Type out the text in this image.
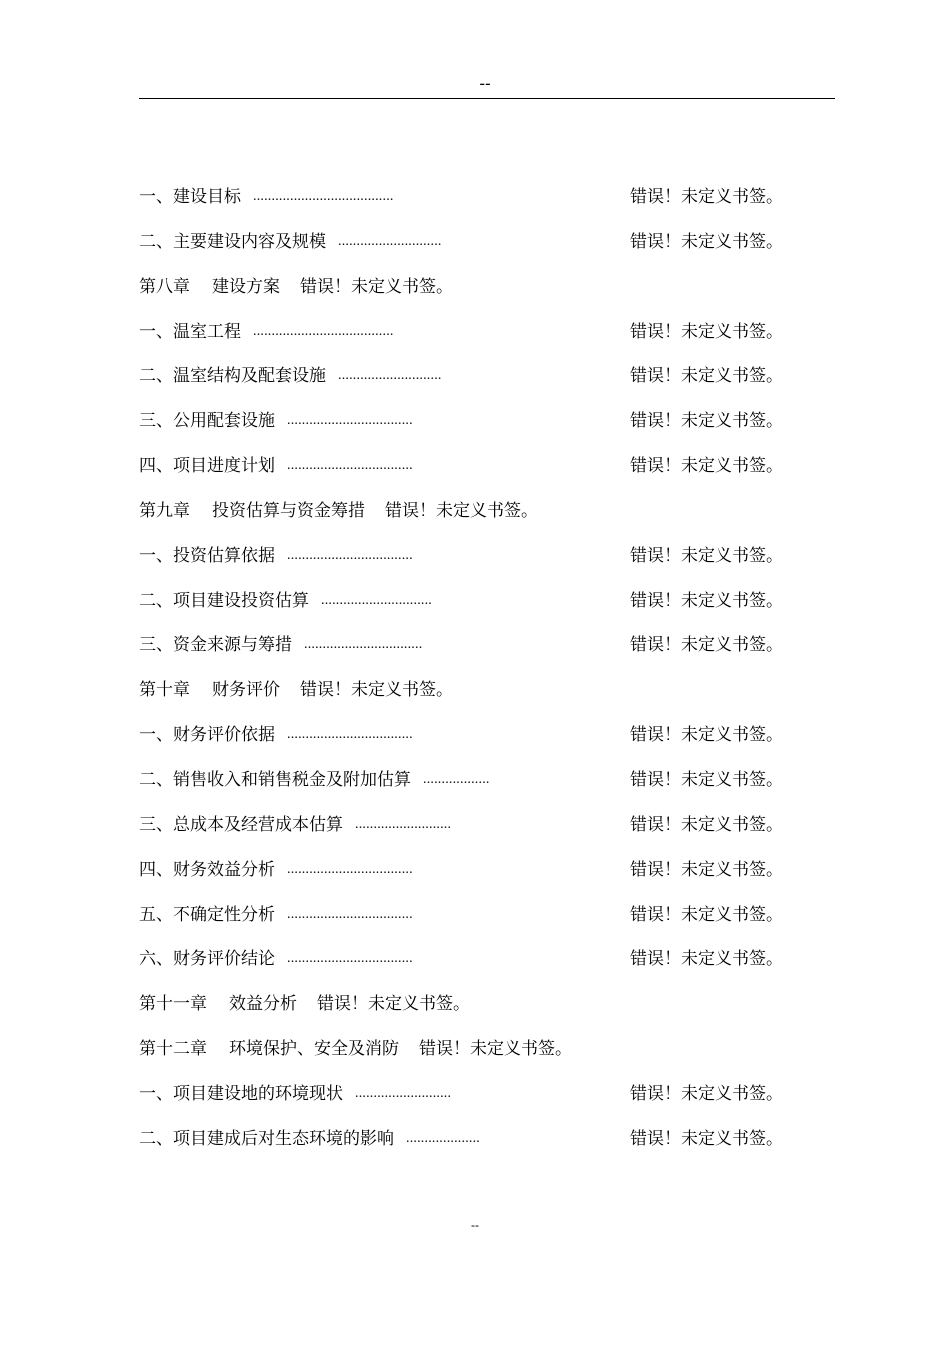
--
一、建设目标 ......................................	错误！未定义书签。
二、主要建设内容及规模 ............................	错误！未定义书签。
第八章 建设方案 错误！未定义书签。
一、温室工程 ......................................	错误！未定义书签。
二、温室结构及配套设施 ............................	错误！未定义书签。
三、公用配套设施 ..................................	错误！未定义书签。
四、项目进度计划 ..................................	错误！未定义书签。
第九章 投资估算与资金筹措 错误！未定义书签。
一、投资估算依据 ..................................	错误！未定义书签。
二、项目建设投资估算 ..............................	错误！未定义书签。
三、资金来源与筹措 ................................	错误！未定义书签。
第十章 财务评价 错误！未定义书签。
一、财务评价依据 ..................................	错误！未定义书签。
二、销售收入和销售税金及附加估算 ..................	错误！未定义书签。
三、总成本及经营成本估算 ..........................	错误！未定义书签。
四、财务效益分析 ..................................	错误！未定义书签。
五、不确定性分析 ..................................	错误！未定义书签。
六、财务评价结论 ..................................	错误！未定义书签。
第十一章 效益分析 错误！未定义书签。
第十二章 环境保护、安全及消防 错误！未定义书签。
一、项目建设地的环境现状 ..........................	错误！未定义书签。
二、项目建成后对生态环境的影响 ....................	错误！未定义书签。
--
